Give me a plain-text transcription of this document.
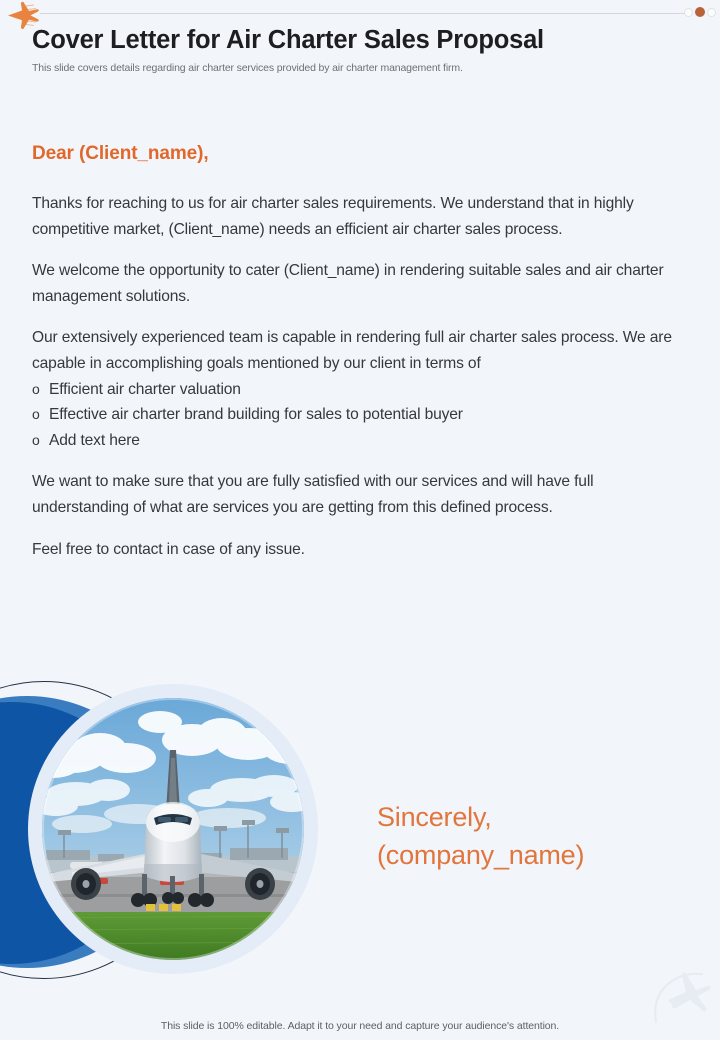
Cover Letter for Air Charter Sales Proposal

This slide covers details regarding air charter services provided by air charter management firm.

Dear (Client_name),

Thanks for reaching to us for air charter sales requirements. We understand that in highly competitive market, (Client_name) needs an efficient air charter sales process.

We welcome the opportunity to cater (Client_name) in rendering suitable sales and air charter management solutions.

Our extensively experienced team is capable in rendering full air charter sales process. We are capable in accomplishing goals mentioned by our client in terms of

o Efficient air charter valuation
o Effective air charter brand building for sales to potential buyer
o Add text here

We want to make sure that you are fully satisfied with our services and will have full understanding of what are services you are getting from this defined process.

Feel free to contact in case of any issue.

Sincerely,
(company_name)
This slide is 100% editable. Adapt it to your need and capture your audience's attention.
